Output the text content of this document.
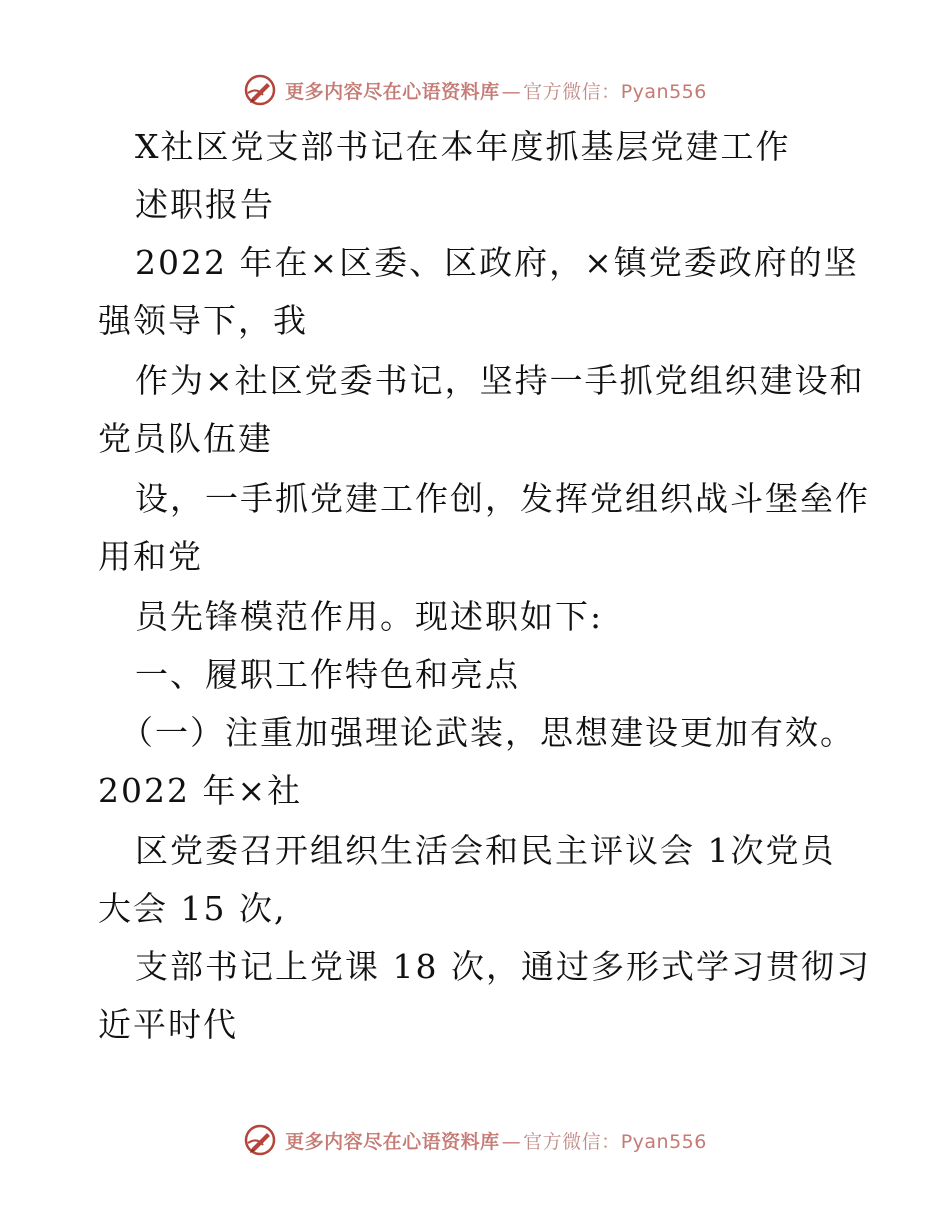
更多内容尽在心语资料库 — 官方微信：Pyan556
X社区党支部书记在本年度抓基层党建工作
述职报告
2022 年在×区委、区政府，×镇党委政府的坚
强领导下，我
作为×社区党委书记，坚持一手抓党组织建设和
党员队伍建
设，一手抓党建工作创，发挥党组织战斗堡垒作
用和党
员先锋模范作用。现述职如下:
一、履职工作特色和亮点
（一）注重加强理论武装，思想建设更加有效。
2022 年×社
区党委召开组织生活会和民主评议会 1次党员
大会 15 次,
支部书记上党课 18 次，通过多形式学习贯彻习
近平时代
更多内容尽在心语资料库 — 官方微信：Pyan556
